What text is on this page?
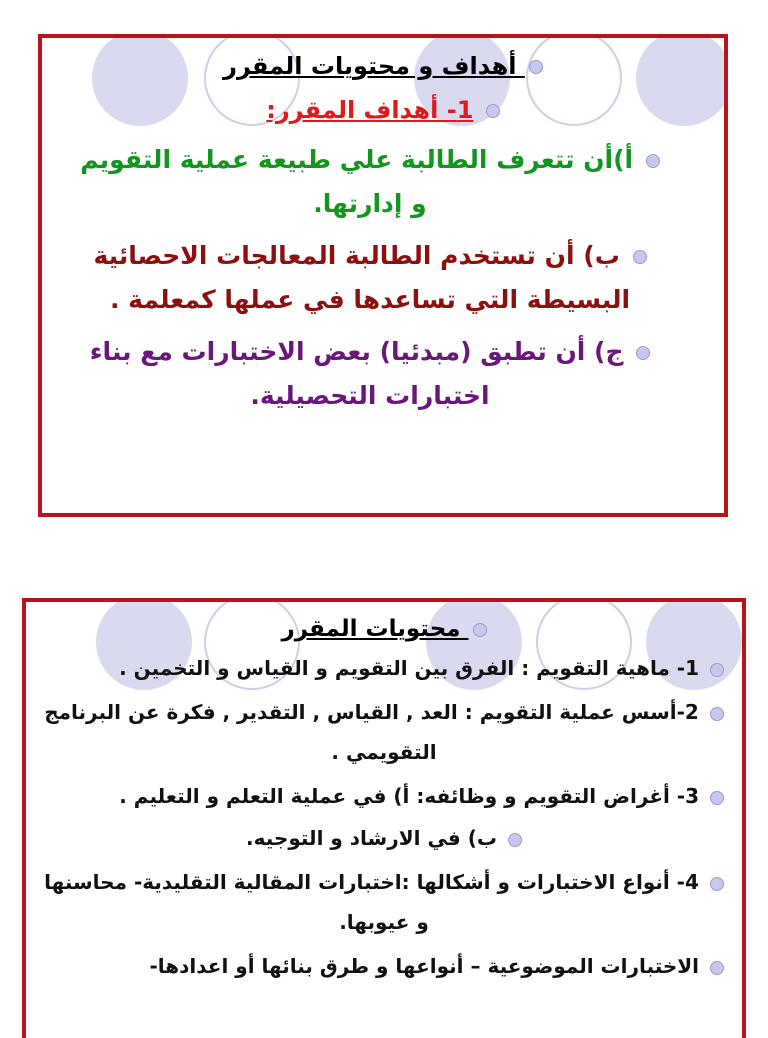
أهداف و محتويات المقرر
1- أهداف المقرر:
أ)أن تتعرف الطالبة علي طبيعة عملية التقويم و إدارتها.
ب) أن تستخدم الطالبة المعالجات الاحصائية البسيطة التي تساعدها في عملها كمعلمة .
ج) أن تطبق (مبدئيا) بعض الاختبارات مع بناء اختبارات التحصيلية.
محتويات المقرر
1- ماهية التقويم : الفرق بين التقويم و القياس و التخمين .
2-أسس عملية التقويم : العد , القياس , التقدير , فكرة عن البرنامج التقويمي .
3- أغراض التقويم و وظائفه: أ) في عملية التعلم و التعليم .
ب) في الارشاد و التوجيه.
4- أنواع الاختبارات و أشكالها :اختبارات المقالية التقليدية- محاسنها و عيوبها.
الاختبارات الموضوعية – أنواعها و طرق بنائها أو اعدادها-
